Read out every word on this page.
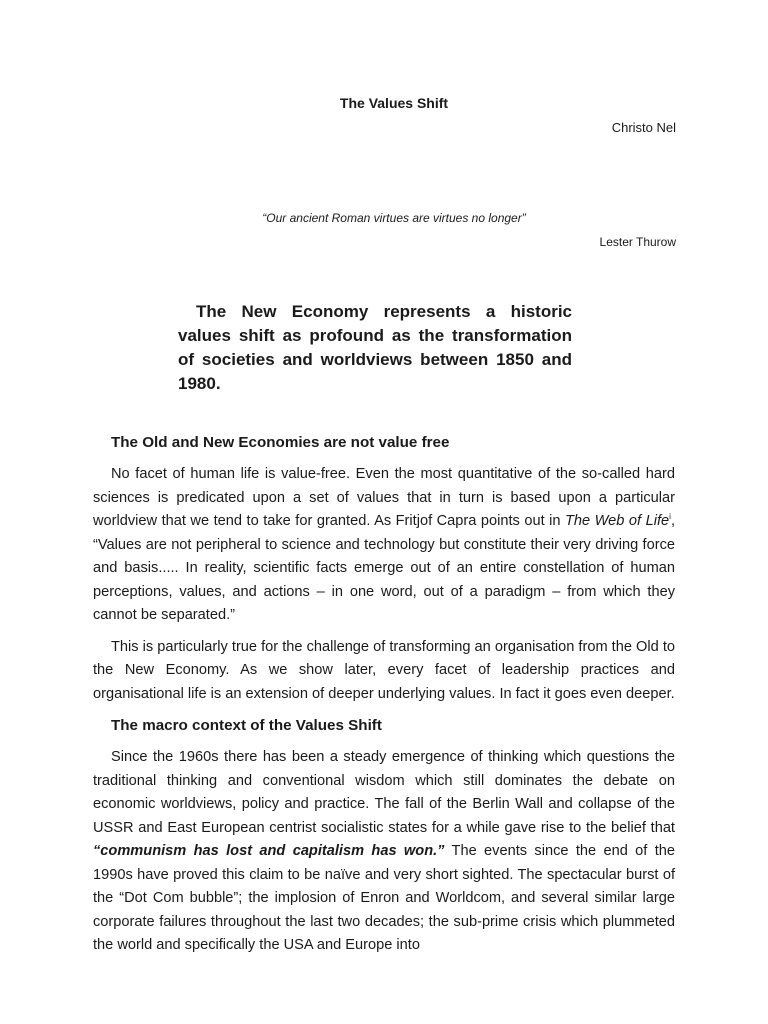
The Values Shift
Christo Nel
“Our ancient Roman virtues are virtues no longer”
Lester Thurow
The New Economy represents a historic values shift as profound as the transformation of societies and worldviews between 1850 and 1980.
The Old and New Economies are not value free

No facet of human life is value-free. Even the most quantitative of the so-called hard sciences is predicated upon a set of values that in turn is based upon a particular worldview that we tend to take for granted. As Fritjof Capra points out in The Web of Life$^i$, “Values are not peripheral to science and technology but constitute their very driving force and basis..... In reality, scientific facts emerge out of an entire constellation of human perceptions, values, and actions – in one word, out of a paradigm – from which they cannot be separated.”

This is particularly true for the challenge of transforming an organisation from the Old to the New Economy. As we show later, every facet of leadership practices and organisational life is an extension of deeper underlying values. In fact it goes even deeper.

The macro context of the Values Shift

Since the 1960s there has been a steady emergence of thinking which questions the traditional thinking and conventional wisdom which still dominates the debate on economic worldviews, policy and practice. The fall of the Berlin Wall and collapse of the USSR and East European centrist socialistic states for a while gave rise to the belief that “communism has lost and capitalism has won.” The events since the end of the 1990s have proved this claim to be naïve and very short sighted. The spectacular burst of the “Dot Com bubble”; the implosion of Enron and Worldcom, and several similar large corporate failures throughout the last two decades; the sub-prime crisis which plummeted the world and specifically the USA and Europe into
